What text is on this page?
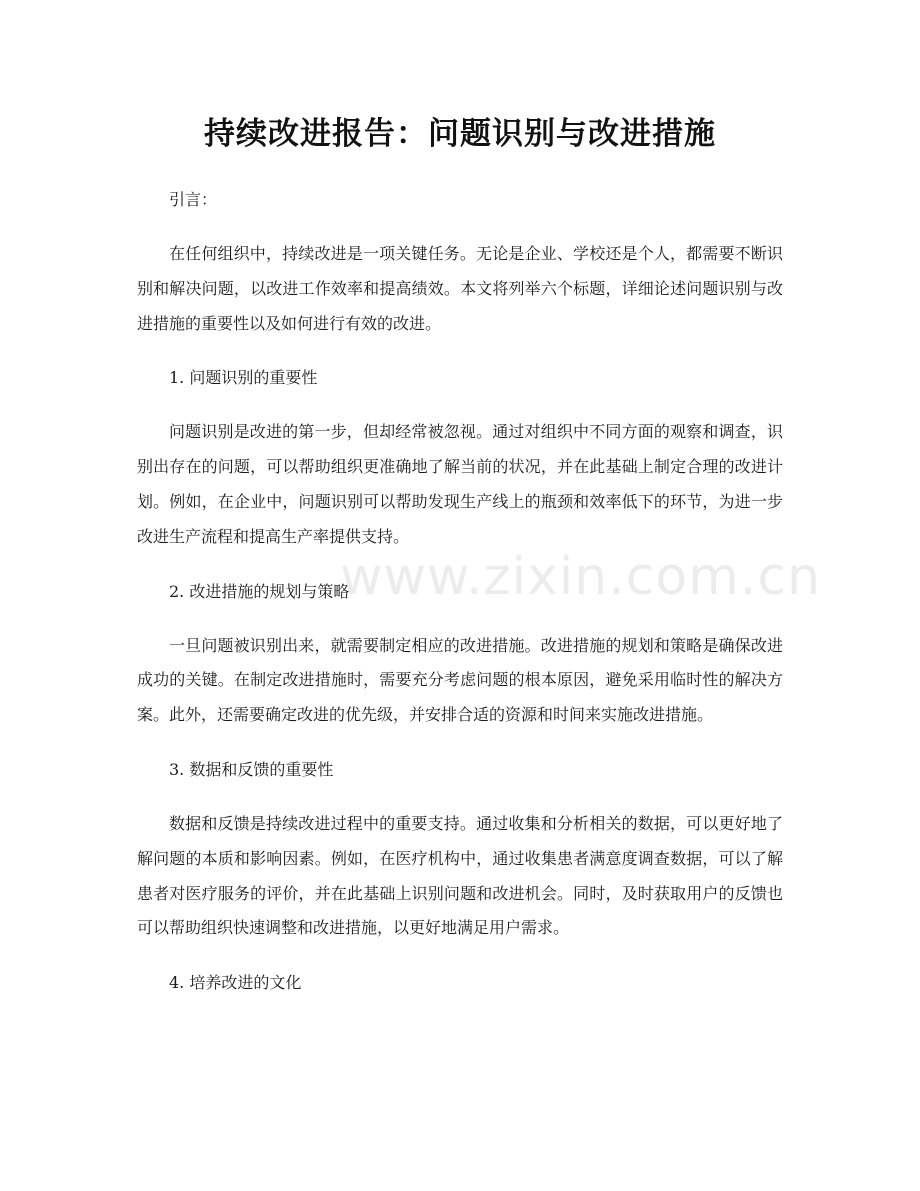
持续改进报告：问题识别与改进措施

引言：

在任何组织中，持续改进是一项关键任务。无论是企业、学校还是个人，都需要不断识别和解决问题，以改进工作效率和提高绩效。本文将列举六个标题，详细论述问题识别与改进措施的重要性以及如何进行有效的改进。

1. 问题识别的重要性

问题识别是改进的第一步，但却经常被忽视。通过对组织中不同方面的观察和调查，识别出存在的问题，可以帮助组织更准确地了解当前的状况，并在此基础上制定合理的改进计划。例如，在企业中，问题识别可以帮助发现生产线上的瓶颈和效率低下的环节，为进一步改进生产流程和提高生产率提供支持。

2. 改进措施的规划与策略

一旦问题被识别出来，就需要制定相应的改进措施。改进措施的规划和策略是确保改进成功的关键。在制定改进措施时，需要充分考虑问题的根本原因，避免采用临时性的解决方案。此外，还需要确定改进的优先级，并安排合适的资源和时间来实施改进措施。

3. 数据和反馈的重要性

数据和反馈是持续改进过程中的重要支持。通过收集和分析相关的数据，可以更好地了解问题的本质和影响因素。例如，在医疗机构中，通过收集患者满意度调查数据，可以了解患者对医疗服务的评价，并在此基础上识别问题和改进机会。同时，及时获取用户的反馈也可以帮助组织快速调整和改进措施，以更好地满足用户需求。

4. 培养改进的文化

www.zixin.com.cn
